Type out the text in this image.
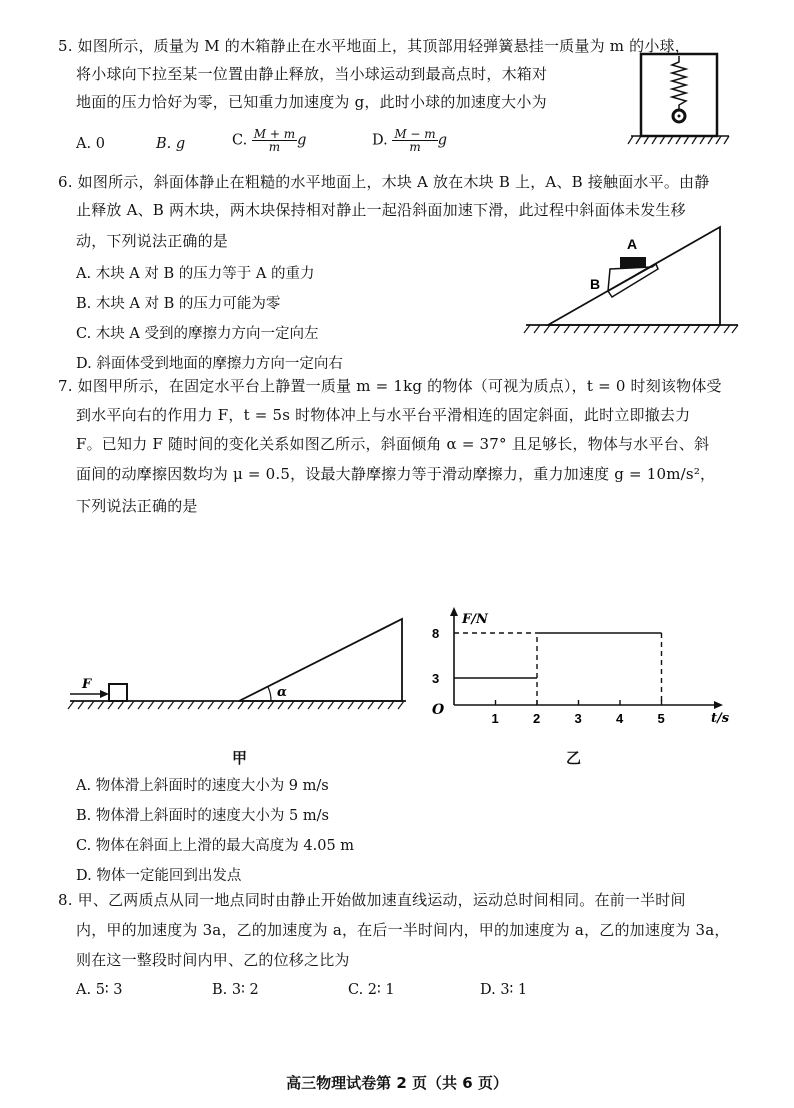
5. 如图所示，质量为 M 的木箱静止在水平地面上，其顶部用轻弹簧悬挂一质量为 m 的小球，
将小球向下拉至某一位置由静止释放，当小球运动到最高点时，木箱对
地面的压力恰好为零，已知重力加速度为 g，此时小球的加速度大小为
A. 0	B. g	C. $\frac{M + m}{m}$ g	D. $\frac{M - m}{m}$ g
6. 如图所示，斜面体静止在粗糙的水平地面上，木块 A 放在木块 B 上，A、B 接触面水平。由静
止释放 A、B 两木块，两木块保持相对静止一起沿斜面加速下滑，此过程中斜面体未发生移
动，下列说法正确的是
A. 木块 A 对 B 的压力等于 A 的重力
B. 木块 A 对 B 的压力可能为零
C. 木块 A 受到的摩擦力方向一定向左
D. 斜面体受到地面的摩擦力方向一定向右
A
B
7. 如图甲所示，在固定水平台上静置一质量 m = 1kg 的物体（可视为质点），t = 0 时刻该物体受
到水平向右的作用力 F，t = 5s 时物体冲上与水平台平滑相连的固定斜面，此时立即撤去力
F。已知力 F 随时间的变化关系如图乙所示，斜面倾角 α = 37° 且足够长，物体与水平台、斜
面间的动摩擦因数均为 μ = 0.5，设最大静摩擦力等于滑动摩擦力，重力加速度 g = 10m/s²，
下列说法正确的是
α
F
甲
F/N
t/s
O
1	2	3	4	5
3
8
乙
A. 物体滑上斜面时的速度大小为 9 m/s
B. 物体滑上斜面时的速度大小为 5 m/s
C. 物体在斜面上上滑的最大高度为 4.05 m
D. 物体一定能回到出发点
8. 甲、乙两质点从同一地点同时由静止开始做加速直线运动，运动总时间相同。在前一半时间
内，甲的加速度为 3a，乙的加速度为 a，在后一半时间内，甲的加速度为 a，乙的加速度为 3a，
则在这一整段时间内甲、乙的位移之比为
A. 5∶ 3	B. 3∶ 2	C. 2∶ 1	D. 3∶ 1
高三物理试卷第 2 页（共 6 页）
